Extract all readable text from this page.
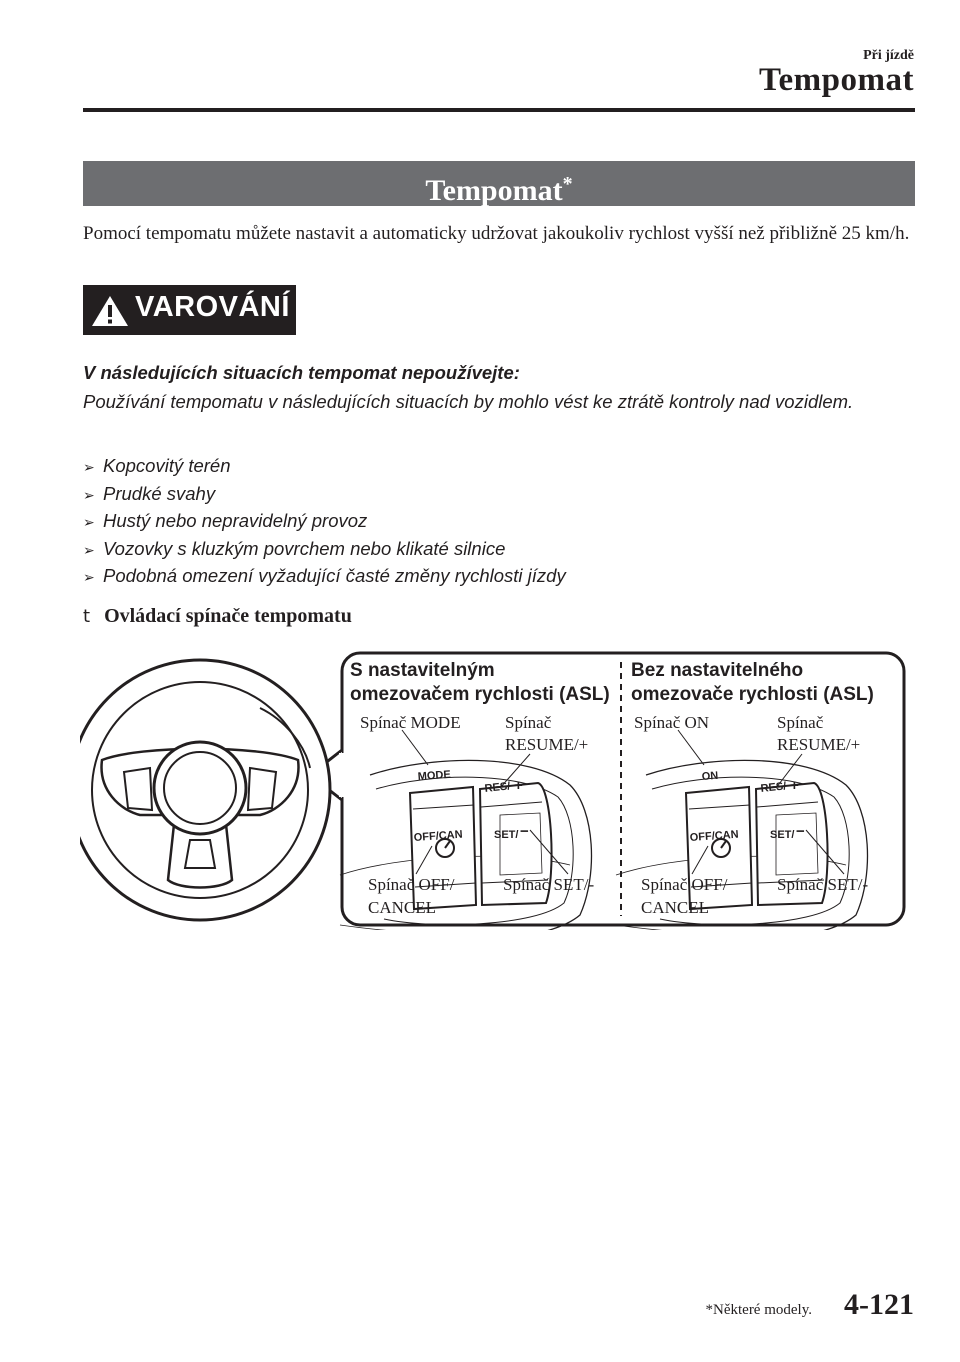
Při jízdě
Tempomat
Tempomat*
Pomocí tempomatu můžete nastavit a automaticky udržovat jakoukoliv rychlost vyšší než přibližně 25 km/h.
VAROVÁNÍ
V následujících situacích tempomat nepoužívejte:
Používání tempomatu v následujících situacích by mohlo vést ke ztrátě kontroly nad vozidlem.
➢ Kopcovitý terén
➢ Prudké svahy
➢ Hustý nebo nepravidelný provoz
➢ Vozovky s kluzkým povrchem nebo klikaté silnice
➢ Podobná omezení vyžadující časté změny rychlosti jízdy
t Ovládací spínače tempomatu
S nastavitelným
omezovačem rychlosti (ASL)
MODE
OFF/CAN
RES/ +
SET/ −
Spínač MODE	Spínač
RESUME/+
Spínač OFF/
CANCEL
Spínač SET/-
Bez nastavitelného
omezovače rychlosti (ASL)
ON
OFF/CAN
RES/ +
SET/ −
Spínač ON	Spínač
RESUME/+
Spínač OFF/
CANCEL
Spínač SET/-
*Některé modely. 4-121
